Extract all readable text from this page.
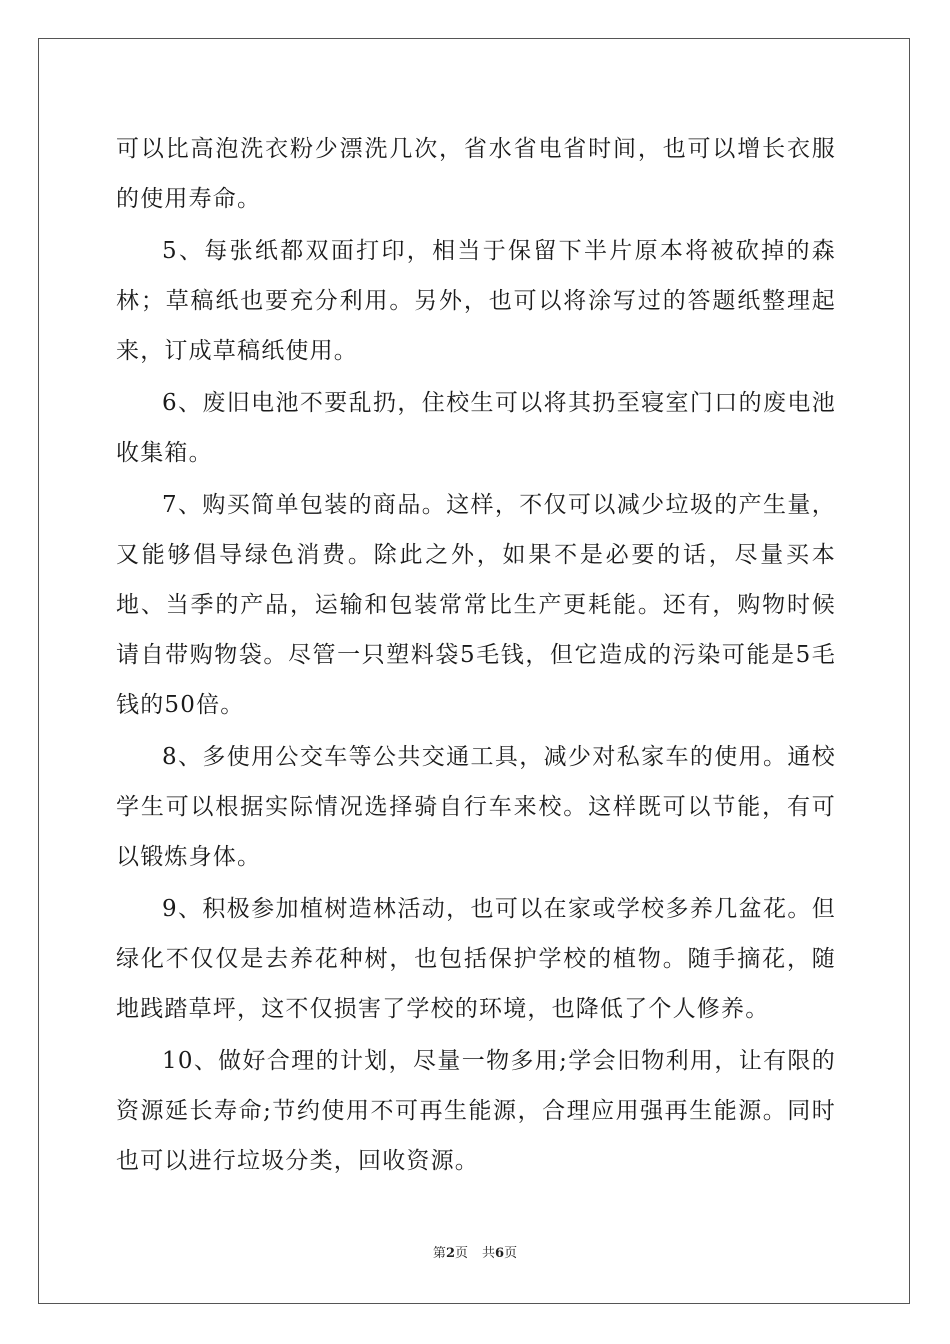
可以比高泡洗衣粉少漂洗几次，省水省电省时间，也可以增长衣服的使用寿命。

5、每张纸都双面打印，相当于保留下半片原本将被砍掉的森林；草稿纸也要充分利用。另外，也可以将涂写过的答题纸整理起来，订成草稿纸使用。

6、废旧电池不要乱扔，住校生可以将其扔至寝室门口的废电池收集箱。

7、购买简单包装的商品。这样，不仅可以减少垃圾的产生量，又能够倡导绿色消费。除此之外，如果不是必要的话，尽量买本地、当季的产品，运输和包装常常比生产更耗能。还有，购物时候请自带购物袋。尽管一只塑料袋5毛钱，但它造成的污染可能是5毛钱的50倍。

8、多使用公交车等公共交通工具，减少对私家车的使用。通校学生可以根据实际情况选择骑自行车来校。这样既可以节能，有可以锻炼身体。

9、积极参加植树造林活动，也可以在家或学校多养几盆花。但绿化不仅仅是去养花种树，也包括保护学校的植物。随手摘花，随地践踏草坪，这不仅损害了学校的环境，也降低了个人修养。

10、做好合理的计划，尽量一物多用;学会旧物利用，让有限的资源延长寿命;节约使用不可再生能源，合理应用强再生能源。同时也可以进行垃圾分类，回收资源。

第2页 共6页
